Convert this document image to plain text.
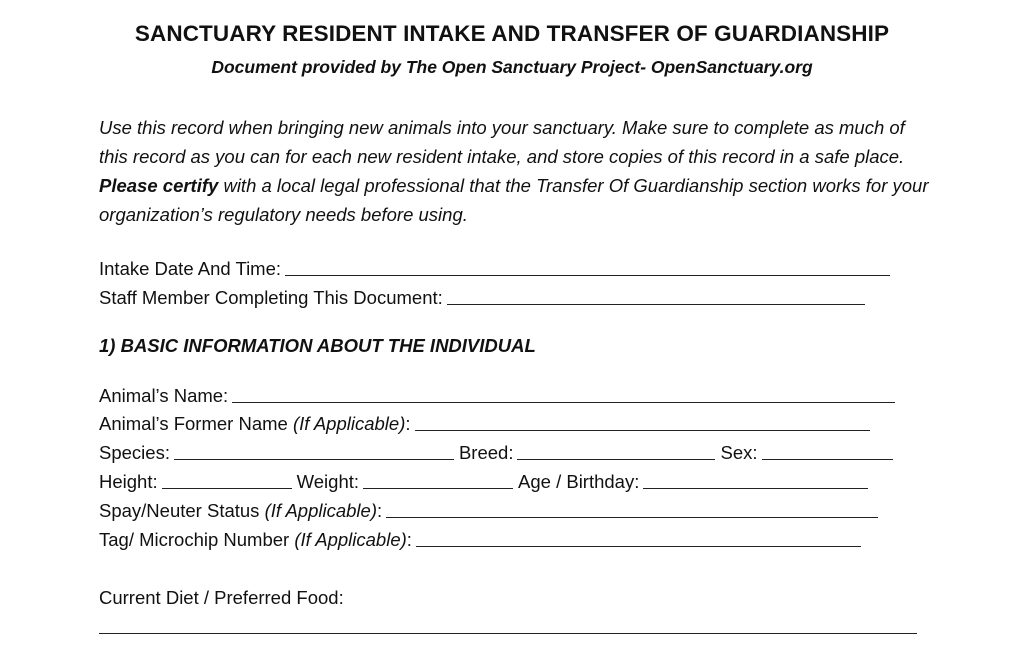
SANCTUARY RESIDENT INTAKE AND TRANSFER OF GUARDIANSHIP
Document provided by The Open Sanctuary Project- OpenSanctuary.org
Use this record when bringing new animals into your sanctuary. Make sure to complete as much of this record as you can for each new resident intake, and store copies of this record in a safe place. Please certify with a local legal professional that the Transfer Of Guardianship section works for your organization’s regulatory needs before using.
Intake Date And Time:
Staff Member Completing This Document:
1) BASIC INFORMATION ABOUT THE INDIVIDUAL
Animal’s Name:
Animal’s Former Name
(If Applicable) :
Species:	Breed:	Sex:
Height:	Weight:	Age / Birthday:
Spay/Neuter Status
(If Applicable) :
Tag/ Microchip Number
(If Applicable) :
Current Diet / Preferred Food:
